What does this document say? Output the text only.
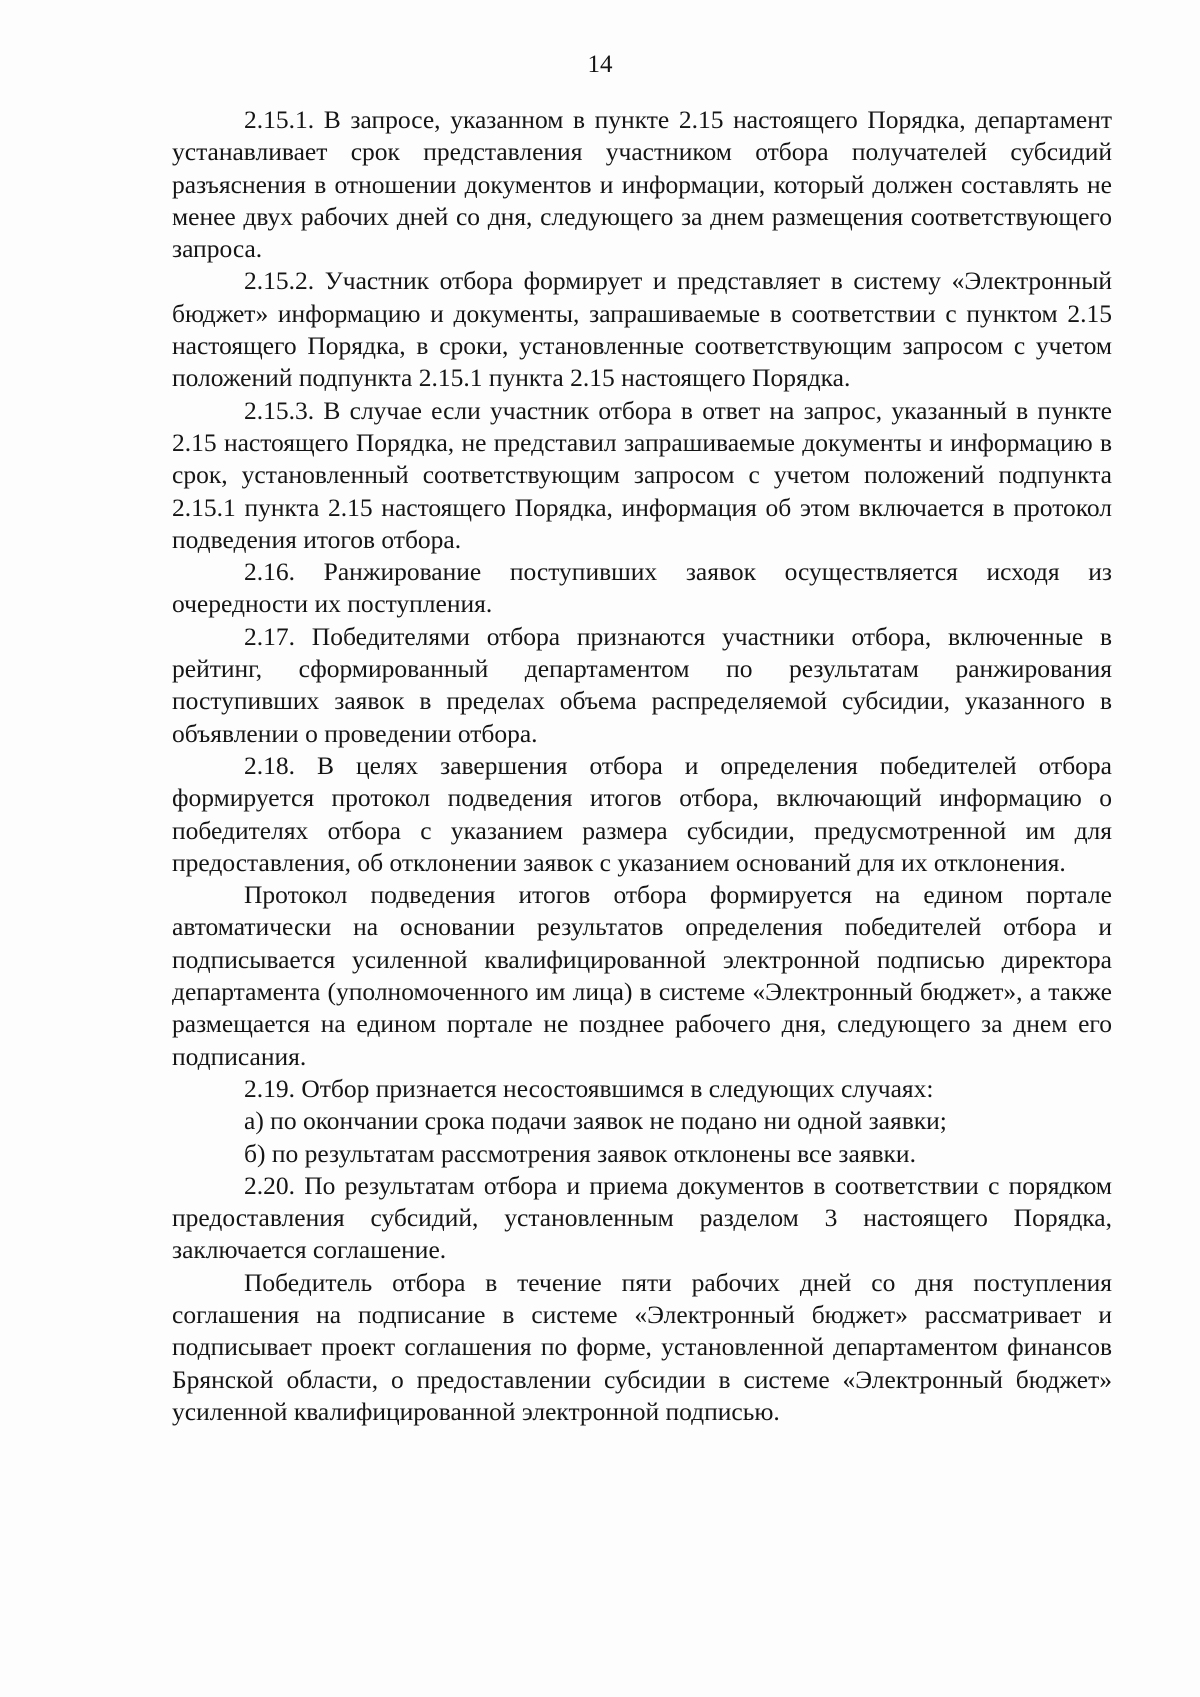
14

2.15.1. В запросе, указанном в пункте 2.15 настоящего Порядка, департамент устанавливает срок представления участником отбора получателей субсидий разъяснения в отношении документов и информации, который должен составлять не менее двух рабочих дней со дня, следующего за днем размещения соответствующего запроса.

2.15.2. Участник отбора формирует и представляет в систему «Электронный бюджет» информацию и документы, запрашиваемые в соответствии с пунктом 2.15 настоящего Порядка, в сроки, установленные соответствующим запросом с учетом положений подпункта 2.15.1 пункта 2.15 настоящего Порядка.

2.15.3. В случае если участник отбора в ответ на запрос, указанный в пункте 2.15 настоящего Порядка, не представил запрашиваемые документы и информацию в срок, установленный соответствующим запросом с учетом положений подпункта 2.15.1 пункта 2.15 настоящего Порядка, информация об этом включается в протокол подведения итогов отбора.

2.16. Ранжирование поступивших заявок осуществляется исходя из очередности их поступления.

2.17. Победителями отбора признаются участники отбора, включенные в рейтинг, сформированный департаментом по результатам ранжирования поступивших заявок в пределах объема распределяемой субсидии, указанного в объявлении о проведении отбора.

2.18. В целях завершения отбора и определения победителей отбора формируется протокол подведения итогов отбора, включающий информацию о победителях отбора с указанием размера субсидии, предусмотренной им для предоставления, об отклонении заявок с указанием оснований для их отклонения.

Протокол подведения итогов отбора формируется на едином портале автоматически на основании результатов определения победителей отбора и подписывается усиленной квалифицированной электронной подписью директора департамента (уполномоченного им лица) в системе «Электронный бюджет», а также размещается на едином портале не позднее рабочего дня, следующего за днем его подписания.

2.19. Отбор признается несостоявшимся в следующих случаях:

а) по окончании срока подачи заявок не подано ни одной заявки;

б) по результатам рассмотрения заявок отклонены все заявки.

2.20. По результатам отбора и приема документов в соответствии с порядком предоставления субсидий, установленным разделом 3 настоящего Порядка, заключается соглашение.

Победитель отбора в течение пяти рабочих дней со дня поступления соглашения на подписание в системе «Электронный бюджет» рассматривает и подписывает проект соглашения по форме, установленной департаментом финансов Брянской области, о предоставлении субсидии в системе «Электронный бюджет» усиленной квалифицированной электронной подписью.
